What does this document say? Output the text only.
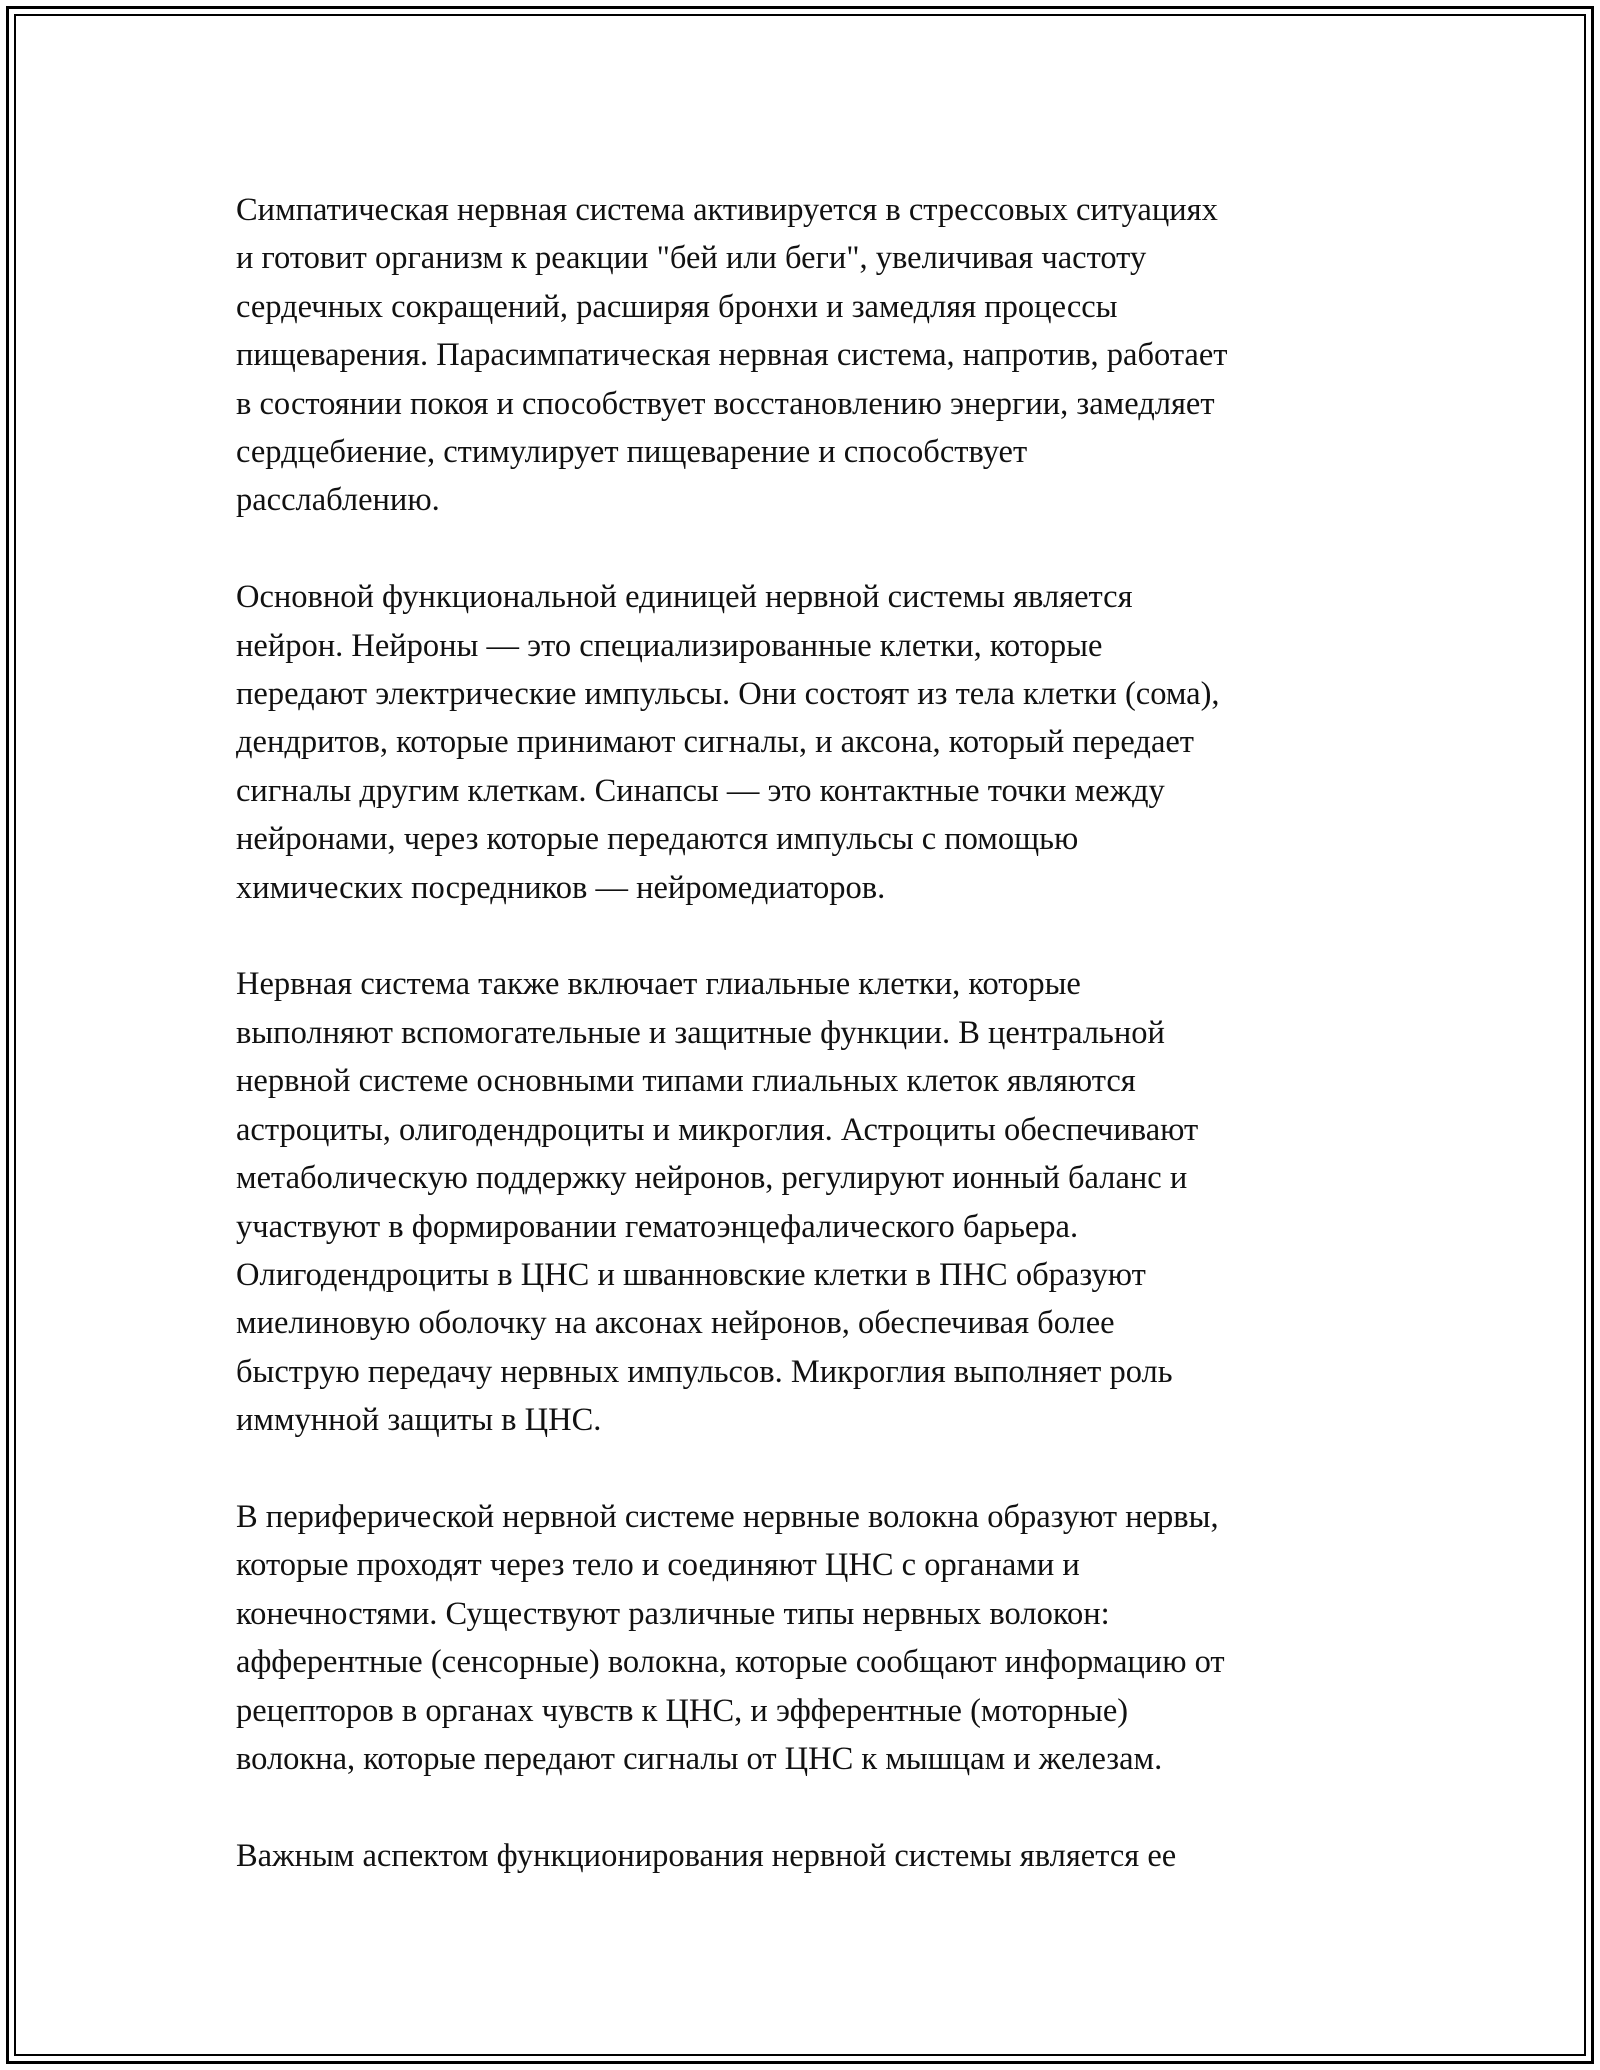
Симпатическая нервная система активируется в стрессовых ситуациях
и готовит организм к реакции "бей или беги", увеличивая частоту
сердечных сокращений, расширяя бронхи и замедляя процессы
пищеварения. Парасимпатическая нервная система, напротив, работает
в состоянии покоя и способствует восстановлению энергии, замедляет
сердцебиение, стимулирует пищеварение и способствует
расслаблению.

Основной функциональной единицей нервной системы является
нейрон. Нейроны — это специализированные клетки, которые
передают электрические импульсы. Они состоят из тела клетки (сома),
дендритов, которые принимают сигналы, и аксона, который передает
сигналы другим клеткам. Синапсы — это контактные точки между
нейронами, через которые передаются импульсы с помощью
химических посредников — нейромедиаторов.

Нервная система также включает глиальные клетки, которые
выполняют вспомогательные и защитные функции. В центральной
нервной системе основными типами глиальных клеток являются
астроциты, олигодендроциты и микроглия. Астроциты обеспечивают
метаболическую поддержку нейронов, регулируют ионный баланс и
участвуют в формировании гематоэнцефалического барьера.
Олигодендроциты в ЦНС и шванновские клетки в ПНС образуют
миелиновую оболочку на аксонах нейронов, обеспечивая более
быструю передачу нервных импульсов. Микроглия выполняет роль
иммунной защиты в ЦНС.

В периферической нервной системе нервные волокна образуют нервы,
которые проходят через тело и соединяют ЦНС с органами и
конечностями. Существуют различные типы нервных волокон:
афферентные (сенсорные) волокна, которые сообщают информацию от
рецепторов в органах чувств к ЦНС, и эфферентные (моторные)
волокна, которые передают сигналы от ЦНС к мышцам и железам.

Важным аспектом функционирования нервной системы является ее
